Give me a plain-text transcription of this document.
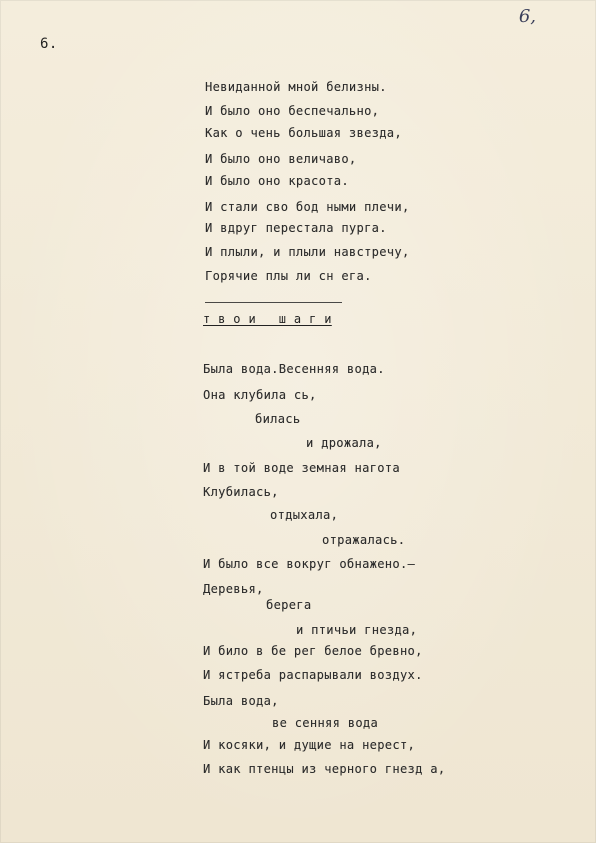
6.
6,
Невиданной мной белизны.
И было оно беспечально,
Как о чень большая звезда,
И было оно величаво,
И было оно красота.
И стали сво бод ными плечи,
И вдруг перестала пурга.
И плыли, и плыли навстречу,
Горячие плы ли сн ега.
т в о и   ш а г и
Была вода.Весенняя вода.
Она клубила сь,
билась
и дрожала,
И в той воде земная нагота
Клубилась,
отдыхала,
отражалась.
И было все вокруг обнажено.—
Деревья,
берега
и птичьи гнезда,
И било в бе рег белое бревно,
И ястреба распарывали воздух.
Была вода,
ве сенняя вода
И косяки, и дущие на нерест,
И как птенцы из черного гнезд а,
